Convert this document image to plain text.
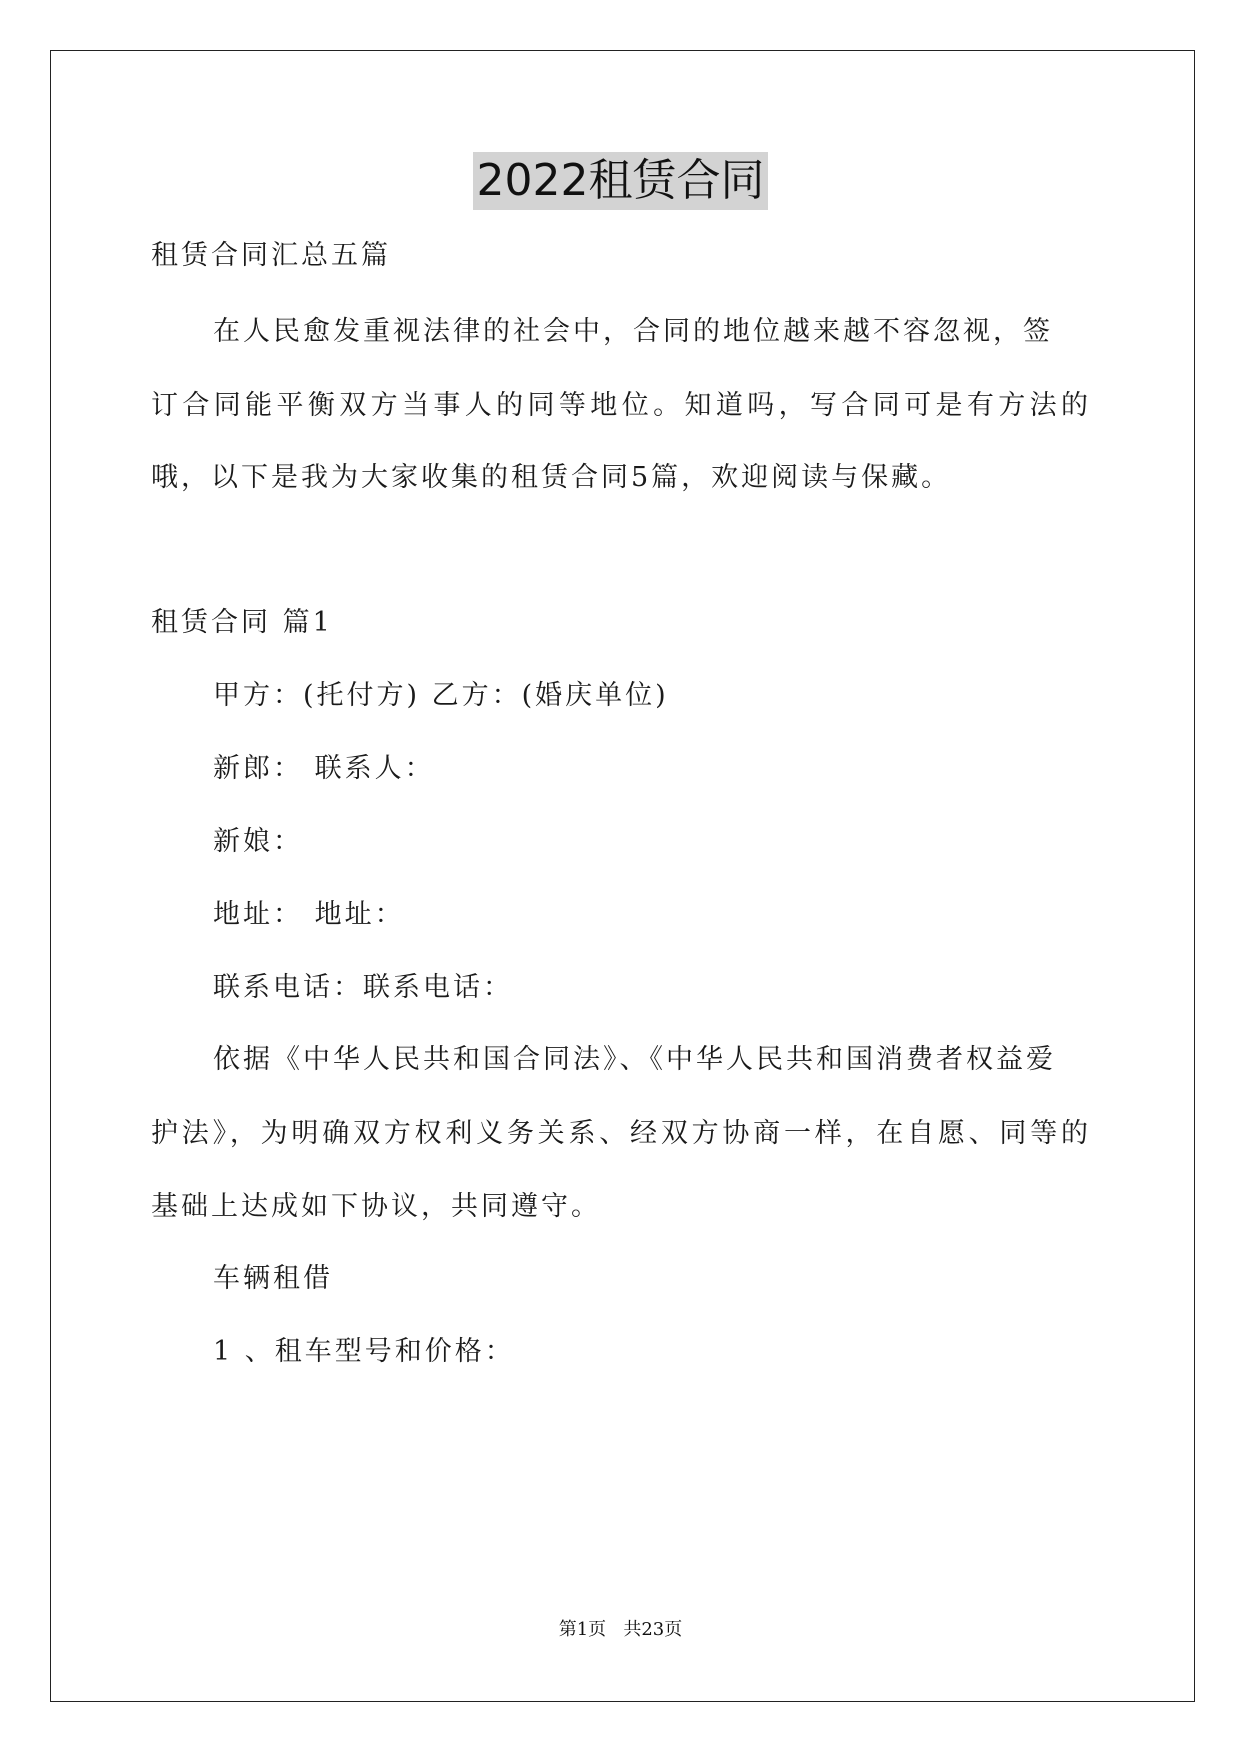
2022租赁合同
租赁合同汇总五篇
在人民愈发重视法律的社会中，合同的地位越来越不容忽视，签
订合同能平衡双方当事人的同等地位。知道吗，写合同可是有方法的
哦，以下是我为大家收集的租赁合同5篇，欢迎阅读与保藏。
租赁合同 篇1
甲方：(托付方) 乙方：(婚庆单位)
新郎： 联系人：
新娘：
地址： 地址：
联系电话：联系电话：
依据《中华人民共和国合同法》、《中华人民共和国消费者权益爱
护法》，为明确双方权利义务关系、经双方协商一样，在自愿、同等的
基础上达成如下协议，共同遵守。
车辆租借
1 、租车型号和价格：
第1页 共23页
